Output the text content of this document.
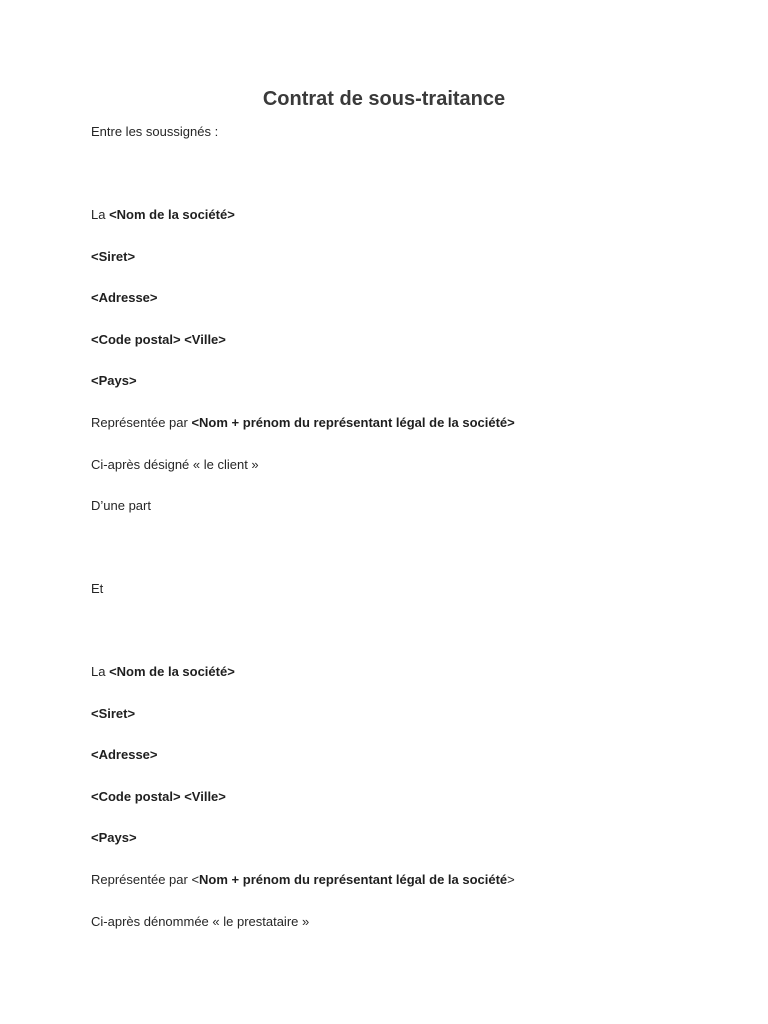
Contrat de sous-traitance
Entre les soussignés :
La <Nom de la société>
<Siret>
<Adresse>
<Code postal> <Ville>
<Pays>
Représentée par <Nom + prénom du représentant légal de la société>
Ci-après désigné « le client »
D’une part
Et
La <Nom de la société>
<Siret>
<Adresse>
<Code postal> <Ville>
<Pays>
Représentée par <Nom + prénom du représentant légal de la société>
Ci-après dénommée « le prestataire »
